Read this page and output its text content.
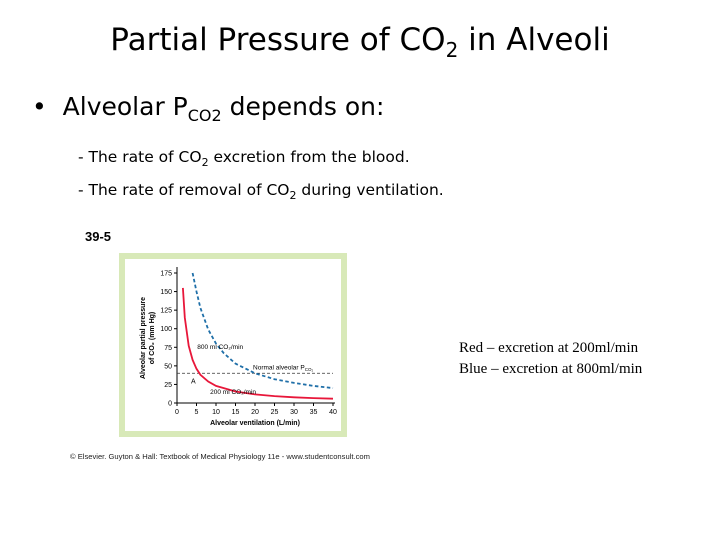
Partial Pressure of $CO_2$ in Alveoli
• Alveolar $P_{CO2}$ depends on:
- The rate of $CO_2$ excretion from the blood.
- The rate of removal of $CO_2$ during ventilation.
39-5
0
25
50
75
100
125
150
175
0 5 10 15 20 25 30 35 40
Normal alveolar $P_{CO_2}$
Alveolar ventilation (L/min)
Alveolar partial pressure of CO₂ (mm Hg)	800 ml CO₂/min
200 ml CO₂/min
A
© Elsevier. Guyton & Hall: Textbook of Medical Physiology 11e - www.studentconsult.com
Red – excretion at 200ml/min
Blue – excretion at 800ml/min
